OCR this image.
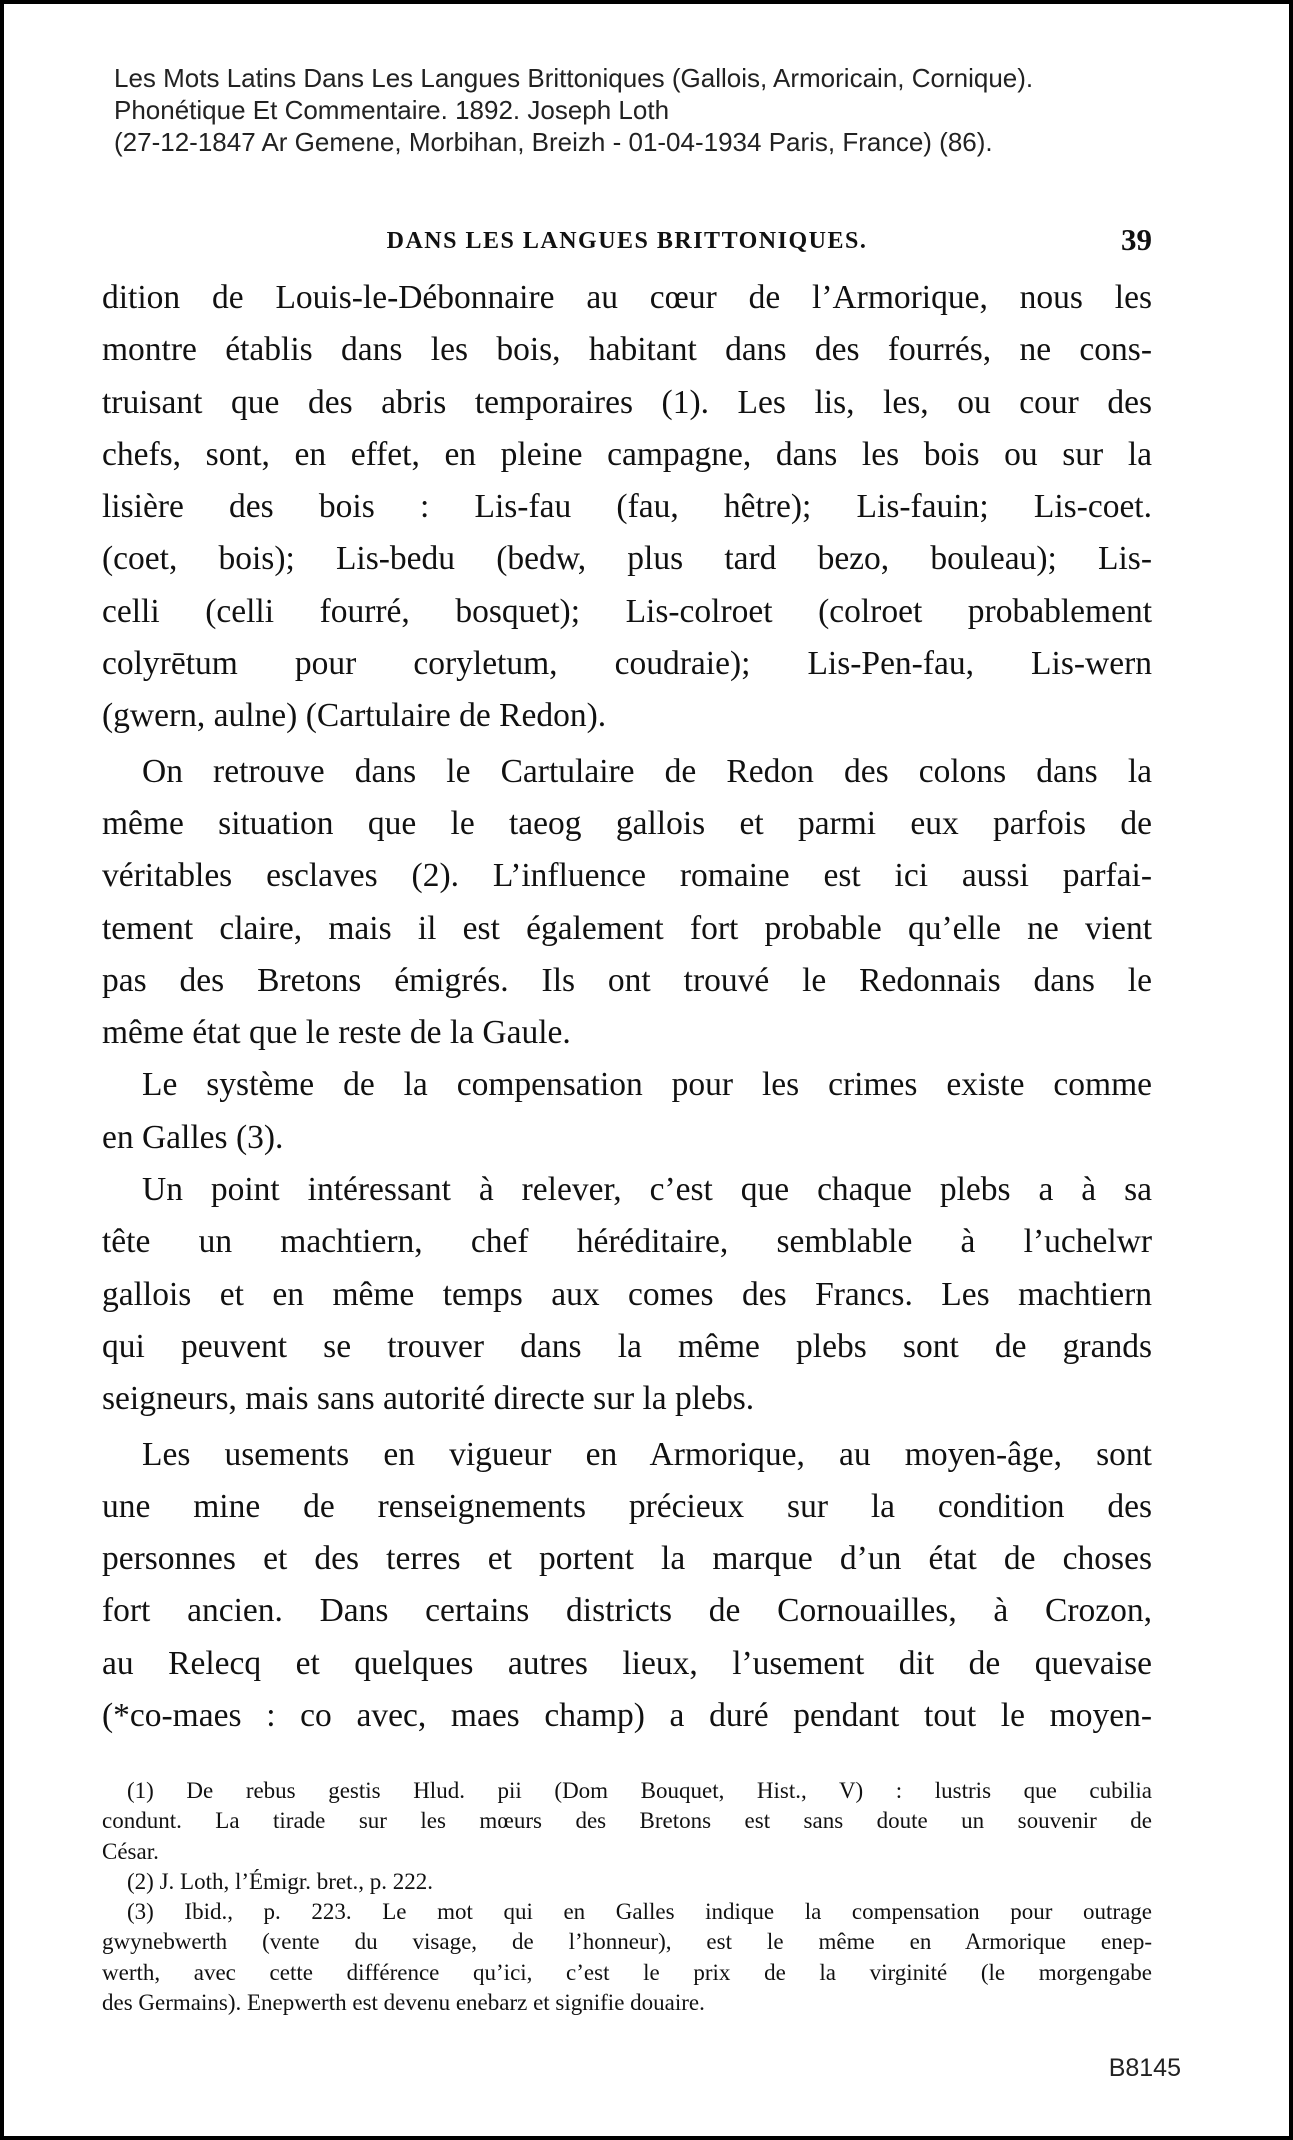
Les Mots Latins Dans Les Langues Brittoniques (Gallois, Armoricain, Cornique).
Phonétique Et Commentaire. 1892. Joseph Loth
(27-12-1847 Ar Gemene, Morbihan, Breizh - 01-04-1934 Paris, France) (86).
DANS LES LANGUES BRITTONIQUES.	39
dition de Louis-le-Débonnaire au cœur de l’Armorique, nous les
montre établis dans les bois, habitant dans des fourrés, ne cons-
truisant que des abris temporaires (1). Les lis, les, ou cour des
chefs, sont, en effet, en pleine campagne, dans les bois ou sur la
lisière des bois : Lis-fau (fau, hêtre); Lis-fauin; Lis-coet.
(coet, bois); Lis-bedu (bedw, plus tard bezo, bouleau); Lis-
celli (celli fourré, bosquet); Lis-colroet (colroet probablement
colyrētum pour coryletum, coudraie); Lis-Pen-fau, Lis-wern
(gwern, aulne) (Cartulaire de Redon).
On retrouve dans le Cartulaire de Redon des colons dans la
même situation que le taeog gallois et parmi eux parfois de
véritables esclaves (2). L’influence romaine est ici aussi parfai-
tement claire, mais il est également fort probable qu’elle ne vient
pas des Bretons émigrés. Ils ont trouvé le Redonnais dans le
même état que le reste de la Gaule.
Le système de la compensation pour les crimes existe comme
en Galles (3).
Un point intéressant à relever, c’est que chaque plebs a à sa
tête un machtiern, chef héréditaire, semblable à l’uchelwr
gallois et en même temps aux comes des Francs. Les machtiern
qui peuvent se trouver dans la même plebs sont de grands
seigneurs, mais sans autorité directe sur la plebs.
Les usements en vigueur en Armorique, au moyen-âge, sont
une mine de renseignements précieux sur la condition des
personnes et des terres et portent la marque d’un état de choses
fort ancien. Dans certains districts de Cornouailles, à Crozon,
au Relecq et quelques autres lieux, l’usement dit de quevaise
(*co-maes : co avec, maes champ) a duré pendant tout le moyen-
(1) De rebus gestis Hlud. pii (Dom Bouquet, Hist., V) : lustris que cubilia
condunt. La tirade sur les mœurs des Bretons est sans doute un souvenir de
César.
(2) J. Loth, l’Émigr. bret., p. 222.
(3) Ibid., p. 223. Le mot qui en Galles indique la compensation pour outrage
gwynebwerth (vente du visage, de l’honneur), est le même en Armorique enep-
werth, avec cette différence qu’ici, c’est le prix de la virginité (le morgengabe
des Germains). Enepwerth est devenu enebarz et signifie douaire.
B8145
